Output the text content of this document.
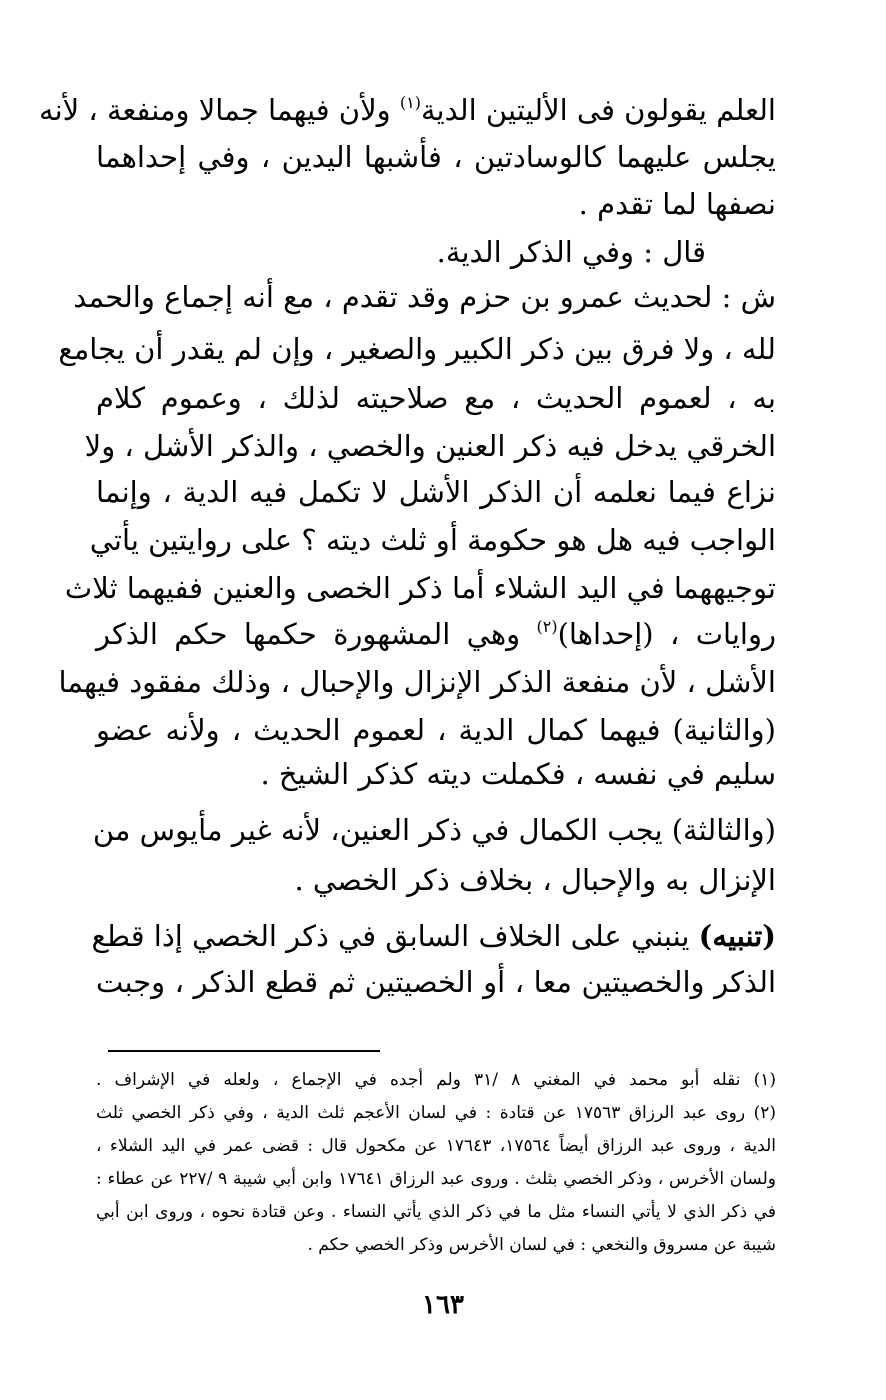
العلم يقولون فى الأليتين الدية$^{(١)}$ ولأن فيهما جمالا ومنفعة ، لأنه
يجلس عليهما كالوسادتين ، فأشبها اليدين ، وفي إحداهما
نصفها لما تقدم .
قال : وفي الذكر الدية.
ش : لحديث عمرو بن حزم وقد تقدم ، مع أنه إجماع والحمد
لله ، ولا فرق بين ذكر الكبير والصغير ، وإن لم يقدر أن يجامع
به ، لعموم الحديث ، مع صلاحيته لذلك ، وعموم كلام
الخرقي يدخل فيه ذكر العنين والخصي ، والذكر الأشل ، ولا
نزاع فيما نعلمه أن الذكر الأشل لا تكمل فيه الدية ، وإنما
الواجب فيه هل هو حكومة أو ثلث ديته ؟ على روايتين يأتي
توجيههما في اليد الشلاء أما ذكر الخصى والعنين ففيهما ثلاث
روايات ، (إحداها)$^{(٢)}$ وهي المشهورة حكمها حكم الذكر
الأشل ، لأن منفعة الذكر الإنزال والإحبال ، وذلك مفقود فيهما
(والثانية) فيهما كمال الدية ، لعموم الحديث ، ولأنه عضو
سليم في نفسه ، فكملت ديته كذكر الشيخ .
(والثالثة) يجب الكمال في ذكر العنين، لأنه غير مأيوس من
الإنزال به والإحبال ، بخلاف ذكر الخصي .
(تنبيه) ينبني على الخلاف السابق في ذكر الخصي إذا قطع
الذكر والخصيتين معا ، أو الخصيتين ثم قطع الذكر ، وجبت
(١) نقله أبو محمد في المغني ٨ /٣١ ولم أجده في الإجماع ، ولعله في الإشراف .
(٢) روى عبد الرزاق ١٧٥٦٣ عن قتادة : في لسان الأعجم ثلث الدية ، وفي ذكر الخصي ثلث
الدية ، وروى عبد الرزاق أيضاً ١٧٥٦٤، ١٧٦٤٣ عن مكحول قال : قضى عمر في اليد الشلاء ،
ولسان الأخرس ، وذكر الخصي بثلث . وروى عبد الرزاق ١٧٦٤١ وابن أبي شيبة ٩ /٢٢٧ عن عطاء :
في ذكر الذي لا يأتي النساء مثل ما في ذكر الذي يأتي النساء . وعن قتادة نحوه ، وروى ابن أبي
شيبة عن مسروق والنخعي : في لسان الأخرس وذكر الخصي حكم .
١٦٣
